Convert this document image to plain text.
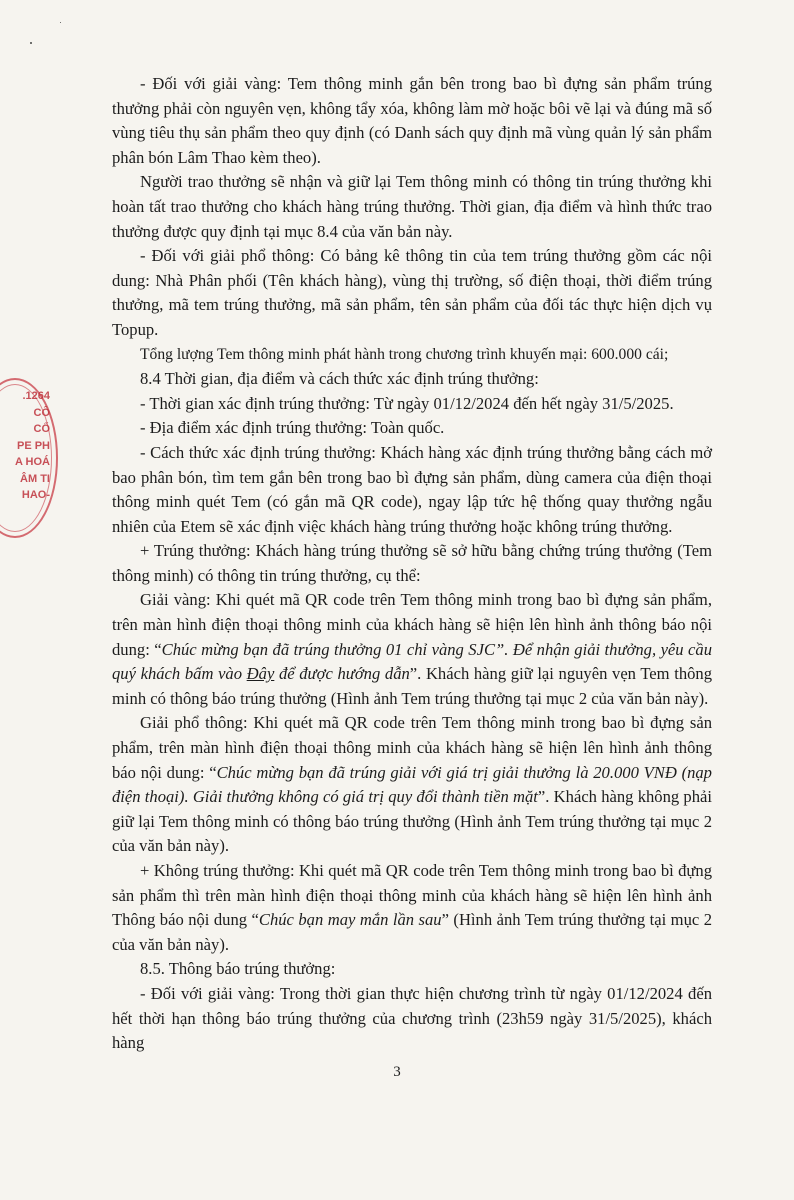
.1264
CÔ
CỔ
PE PH
A HOÁ
ÂM TI
HAO-

- Đối với giải vàng: Tem thông minh gắn bên trong bao bì đựng sản phẩm trúng thưởng phải còn nguyên vẹn, không tẩy xóa, không làm mờ hoặc bôi vẽ lại và đúng mã số vùng tiêu thụ sản phẩm theo quy định (có Danh sách quy định mã vùng quản lý sản phẩm phân bón Lâm Thao kèm theo).

Người trao thưởng sẽ nhận và giữ lại Tem thông minh có thông tin trúng thưởng khi hoàn tất trao thưởng cho khách hàng trúng thưởng. Thời gian, địa điểm và hình thức trao thưởng được quy định tại mục 8.4 của văn bản này.

- Đối với giải phổ thông: Có bảng kê thông tin của tem trúng thưởng gồm các nội dung: Nhà Phân phối (Tên khách hàng), vùng thị trường, số điện thoại, thời điểm trúng thưởng, mã tem trúng thưởng, mã sản phẩm, tên sản phẩm của đối tác thực hiện dịch vụ Topup.

Tổng lượng Tem thông minh phát hành trong chương trình khuyến mại: 600.000 cái;

8.4 Thời gian, địa điểm và cách thức xác định trúng thưởng:

- Thời gian xác định trúng thưởng: Từ ngày 01/12/2024 đến hết ngày 31/5/2025.

- Địa điểm xác định trúng thưởng: Toàn quốc.

- Cách thức xác định trúng thưởng: Khách hàng xác định trúng thưởng bằng cách mở bao phân bón, tìm tem gắn bên trong bao bì đựng sản phẩm, dùng camera của điện thoại thông minh quét Tem (có gắn mã QR code), ngay lập tức hệ thống quay thưởng ngẫu nhiên của Etem sẽ xác định việc khách hàng trúng thưởng hoặc không trúng thưởng.

+ Trúng thưởng: Khách hàng trúng thưởng sẽ sở hữu bằng chứng trúng thưởng (Tem thông minh) có thông tin trúng thưởng, cụ thể:

Giải vàng: Khi quét mã QR code trên Tem thông minh trong bao bì đựng sản phẩm, trên màn hình điện thoại thông minh của khách hàng sẽ hiện lên hình ảnh thông báo nội dung: “Chúc mừng bạn đã trúng thưởng 01 chỉ vàng SJC”. Để nhận giải thưởng, yêu cầu quý khách bấm vào Đây để được hướng dẫn”. Khách hàng giữ lại nguyên vẹn Tem thông minh có thông báo trúng thưởng (Hình ảnh Tem trúng thưởng tại mục 2 của văn bản này).

Giải phổ thông: Khi quét mã QR code trên Tem thông minh trong bao bì đựng sản phẩm, trên màn hình điện thoại thông minh của khách hàng sẽ hiện lên hình ảnh thông báo nội dung: “Chúc mừng bạn đã trúng giải với giá trị giải thưởng là 20.000 VNĐ (nạp điện thoại). Giải thưởng không có giá trị quy đổi thành tiền mặt”. Khách hàng không phải giữ lại Tem thông minh có thông báo trúng thưởng (Hình ảnh Tem trúng thưởng tại mục 2 của văn bản này).

+ Không trúng thưởng: Khi quét mã QR code trên Tem thông minh trong bao bì đựng sản phẩm thì trên màn hình điện thoại thông minh của khách hàng sẽ hiện lên hình ảnh Thông báo nội dung “Chúc bạn may mắn lần sau” (Hình ảnh Tem trúng thưởng tại mục 2 của văn bản này).

8.5. Thông báo trúng thưởng:

- Đối với giải vàng: Trong thời gian thực hiện chương trình từ ngày 01/12/2024 đến hết thời hạn thông báo trúng thưởng của chương trình (23h59 ngày 31/5/2025), khách hàng

3
